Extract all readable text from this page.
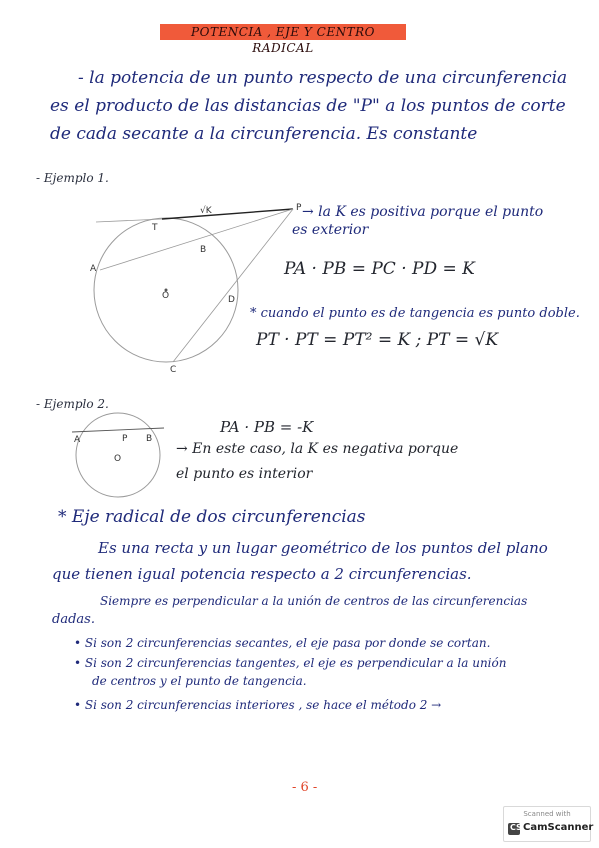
POTENCIA , EJE Y CENTRO RADICAL
- la potencia de un punto respecto de una circunferencia
es el producto de las distancias de "P" a los puntos de corte
de cada secante a la circunferencia. Es constante
- Ejemplo 1.
√K
T
P
B
A
O	D
C
A	P B
O
→ la K es positiva porque el punto
es exterior
PA · PB = PC · PD = K
* cuando el punto es de tangencia es punto doble.
PT · PT = PT² = K ; PT = √K
- Ejemplo 2.
PA · PB = -K
→ En este caso, la K es negativa porque
el punto es interior
* Eje radical de dos circunferencias
Es una recta y un lugar geométrico de los puntos del plano
que tienen igual potencia respecto a 2 circunferencias.
Siempre es perpendicular a la unión de centros de las circunferencias
dadas.
• Si son 2 circunferencias secantes, el eje pasa por donde se cortan.
• Si son 2 circunferencias tangentes, el eje es perpendicular a la unión
de centros y el punto de tangencia.
• Si son 2 circunferencias interiores , se hace el método 2 →
- 6 -
Scanned with
CS CamScanner
